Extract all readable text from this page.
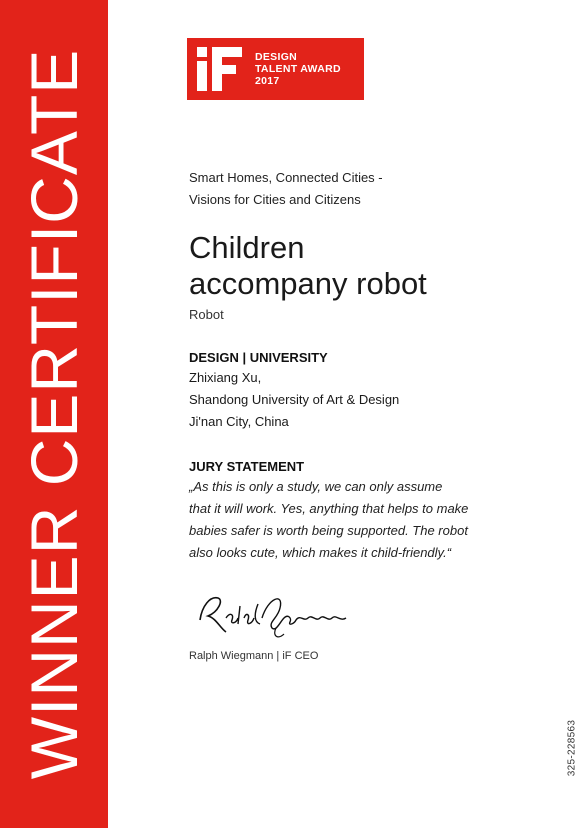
WINNER CERTIFICATE	DESIGN
TALENT AWARD
2017
Smart Homes, Connected Cities -
Visions for Cities and Citizens
Children
accompany robot
Robot
DESIGN | UNIVERSITY
Zhixiang Xu,
Shandong University of Art & Design
Ji'nan City, China
JURY STATEMENT
„As this is only a study, we can only assume
that it will work. Yes, anything that helps to make
babies safer is worth being supported. The robot
also looks cute, which makes it child-friendly.“
Ralph Wiegmann | iF CEO
325-228563
